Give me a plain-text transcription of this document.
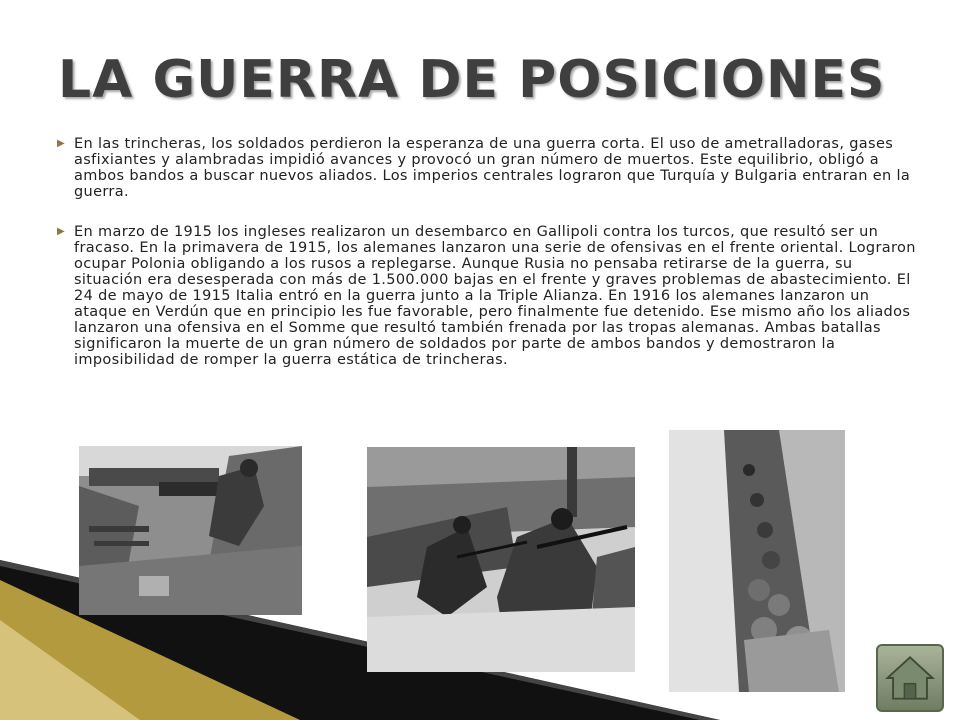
LA GUERRA DE POSICIONES
▶ En las trincheras, los soldados perdieron la esperanza de una guerra corta. El uso de ametralladoras, gases asfixiantes y alambradas impidió avances y provocó un gran número de muertos. Este equilibrio, obligó a ambos bandos a buscar nuevos aliados. Los imperios centrales lograron que Turquía y Bulgaria entraran en la guerra.
▶ En marzo de 1915 los ingleses realizaron un desembarco en Gallipoli contra los turcos, que resultó ser un fracaso. En la primavera de 1915, los alemanes lanzaron una serie de ofensivas en el frente oriental. Lograron ocupar Polonia obligando a los rusos a replegarse. Aunque Rusia no pensaba retirarse de la guerra, su situación era desesperada con más de 1.500.000 bajas en el frente y graves problemas de abastecimiento. El 24 de mayo de 1915 Italia entró en la guerra junto a la Triple Alianza. En 1916 los alemanes lanzaron un ataque en Verdún que en principio les fue favorable, pero finalmente fue detenido. Ese mismo año los aliados lanzaron una ofensiva en el Somme que resultó también frenada por las tropas alemanas. Ambas batallas significaron la muerte de un gran número de soldados por parte de ambos bandos y demostraron la imposibilidad de romper la guerra estática de trincheras.
